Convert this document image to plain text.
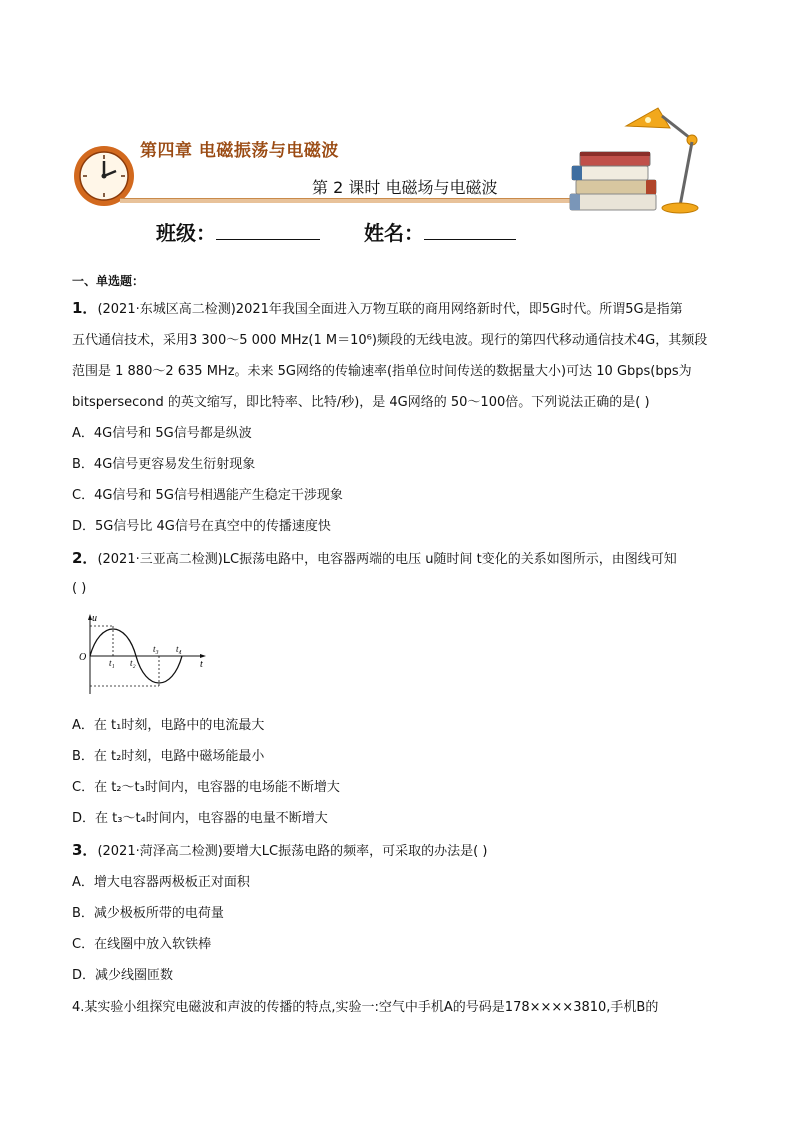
第四章 电磁振荡与电磁波
第 2 课时 电磁场与电磁波
班级：	姓名：
一、单选题：
1．(2021·东城区高二检测)2021年我国全面进入万物互联的商用网络新时代，即5G时代。所谓5G是指第
五代通信技术，采用3 300～5 000 MHz(1 M＝10⁶)频段的无线电波。现行的第四代移动通信技术4G，其频段
范围是 1 880～2 635 MHz。未来 5G网络的传输速率(指单位时间传送的数据量大小)可达 10 Gbps(bps为
bitspersecond 的英文缩写，即比特率、比特/秒)，是 4G网络的 50～100倍。下列说法正确的是( )
A．4G信号和 5G信号都是纵波
B．4G信号更容易发生衍射现象
C．4G信号和 5G信号相遇能产生稳定干涉现象
D．5G信号比 4G信号在真空中的传播速度快
2．(2021·三亚高二检测)LC振荡电路中，电容器两端的电压 u随时间 t变化的关系如图所示，由图线可知
( )
u
O
t
t₁ t₂
t₃ t₄
A．在 t₁时刻，电路中的电流最大
B．在 t₂时刻，电路中磁场能最小
C．在 t₂～t₃时间内，电容器的电场能不断增大
D．在 t₃～t₄时间内，电容器的电量不断增大
3．(2021·菏泽高二检测)要增大LC振荡电路的频率，可采取的办法是( )
A．增大电容器两极板正对面积
B．减少极板所带的电荷量
C．在线圈中放入软铁棒
D．减少线圈匝数
4.某实验小组探究电磁波和声波的传播的特点,实验一:空气中手机A的号码是178××××3810,手机B的
